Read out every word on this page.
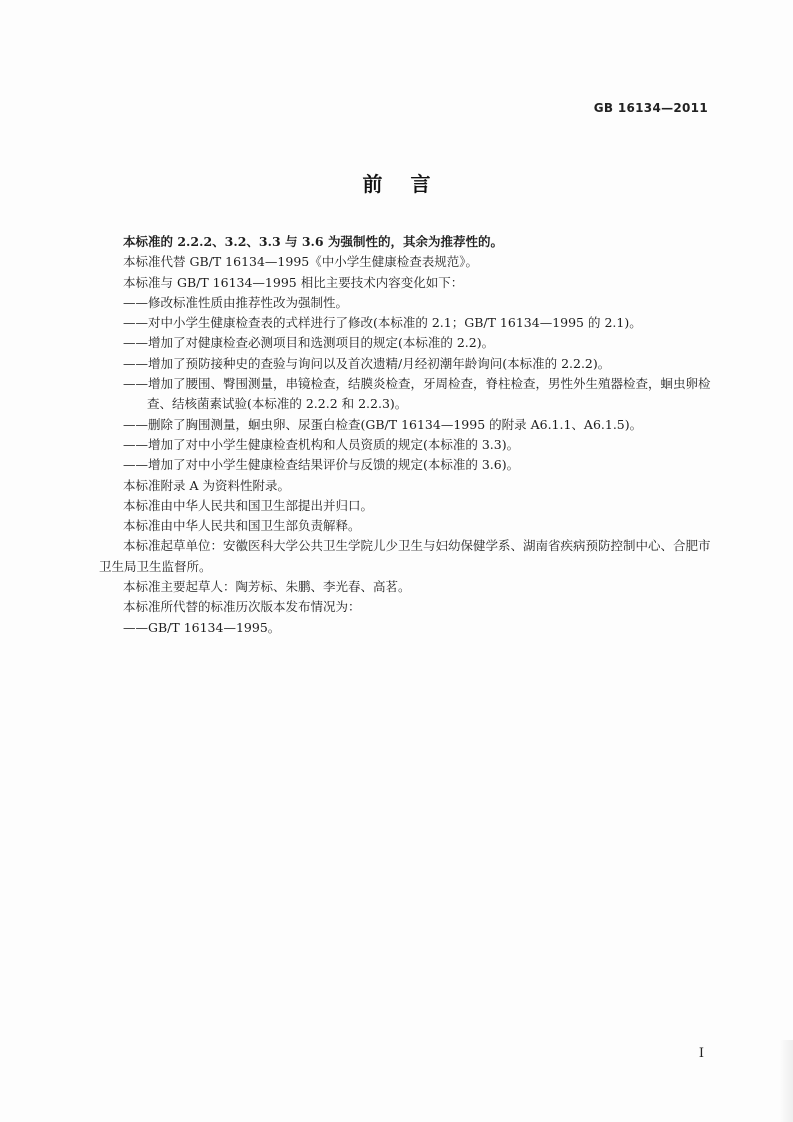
GB 16134—2011
前言

本标准的 2.2.2、3.2、3.3 与 3.6 为强制性的，其余为推荐性的。

本标准代替 GB/T 16134—1995《中小学生健康检查表规范》。

本标准与 GB/T 16134—1995 相比主要技术内容变化如下：

——修改标准性质由推荐性改为强制性。

——对中小学生健康检查表的式样进行了修改(本标准的 2.1；GB/T 16134—1995 的 2.1)。

——增加了对健康检查必测项目和选测项目的规定(本标准的 2.2)。

——增加了预防接种史的查验与询问以及首次遗精/月经初潮年龄询问(本标准的 2.2.2)。

——增加了腰围、臀围测量，串镜检查，结膜炎检查，牙周检查，脊柱检查，男性外生殖器检查，蛔虫卵检查、结核菌素试验(本标准的 2.2.2 和 2.2.3)。

——删除了胸围测量，蛔虫卵、尿蛋白检查(GB/T 16134—1995 的附录 A6.1.1、A6.1.5)。

——增加了对中小学生健康检查机构和人员资质的规定(本标准的 3.3)。

——增加了对中小学生健康检查结果评价与反馈的规定(本标准的 3.6)。

本标准附录 A 为资料性附录。

本标准由中华人民共和国卫生部提出并归口。

本标准由中华人民共和国卫生部负责解释。

本标准起草单位：安徽医科大学公共卫生学院儿少卫生与妇幼保健学系、湖南省疾病预防控制中心、合肥市卫生局卫生监督所。

本标准主要起草人：陶芳标、朱鹏、李光春、高茗。

本标准所代替的标准历次版本发布情况为：

——GB/T 16134—1995。

I
